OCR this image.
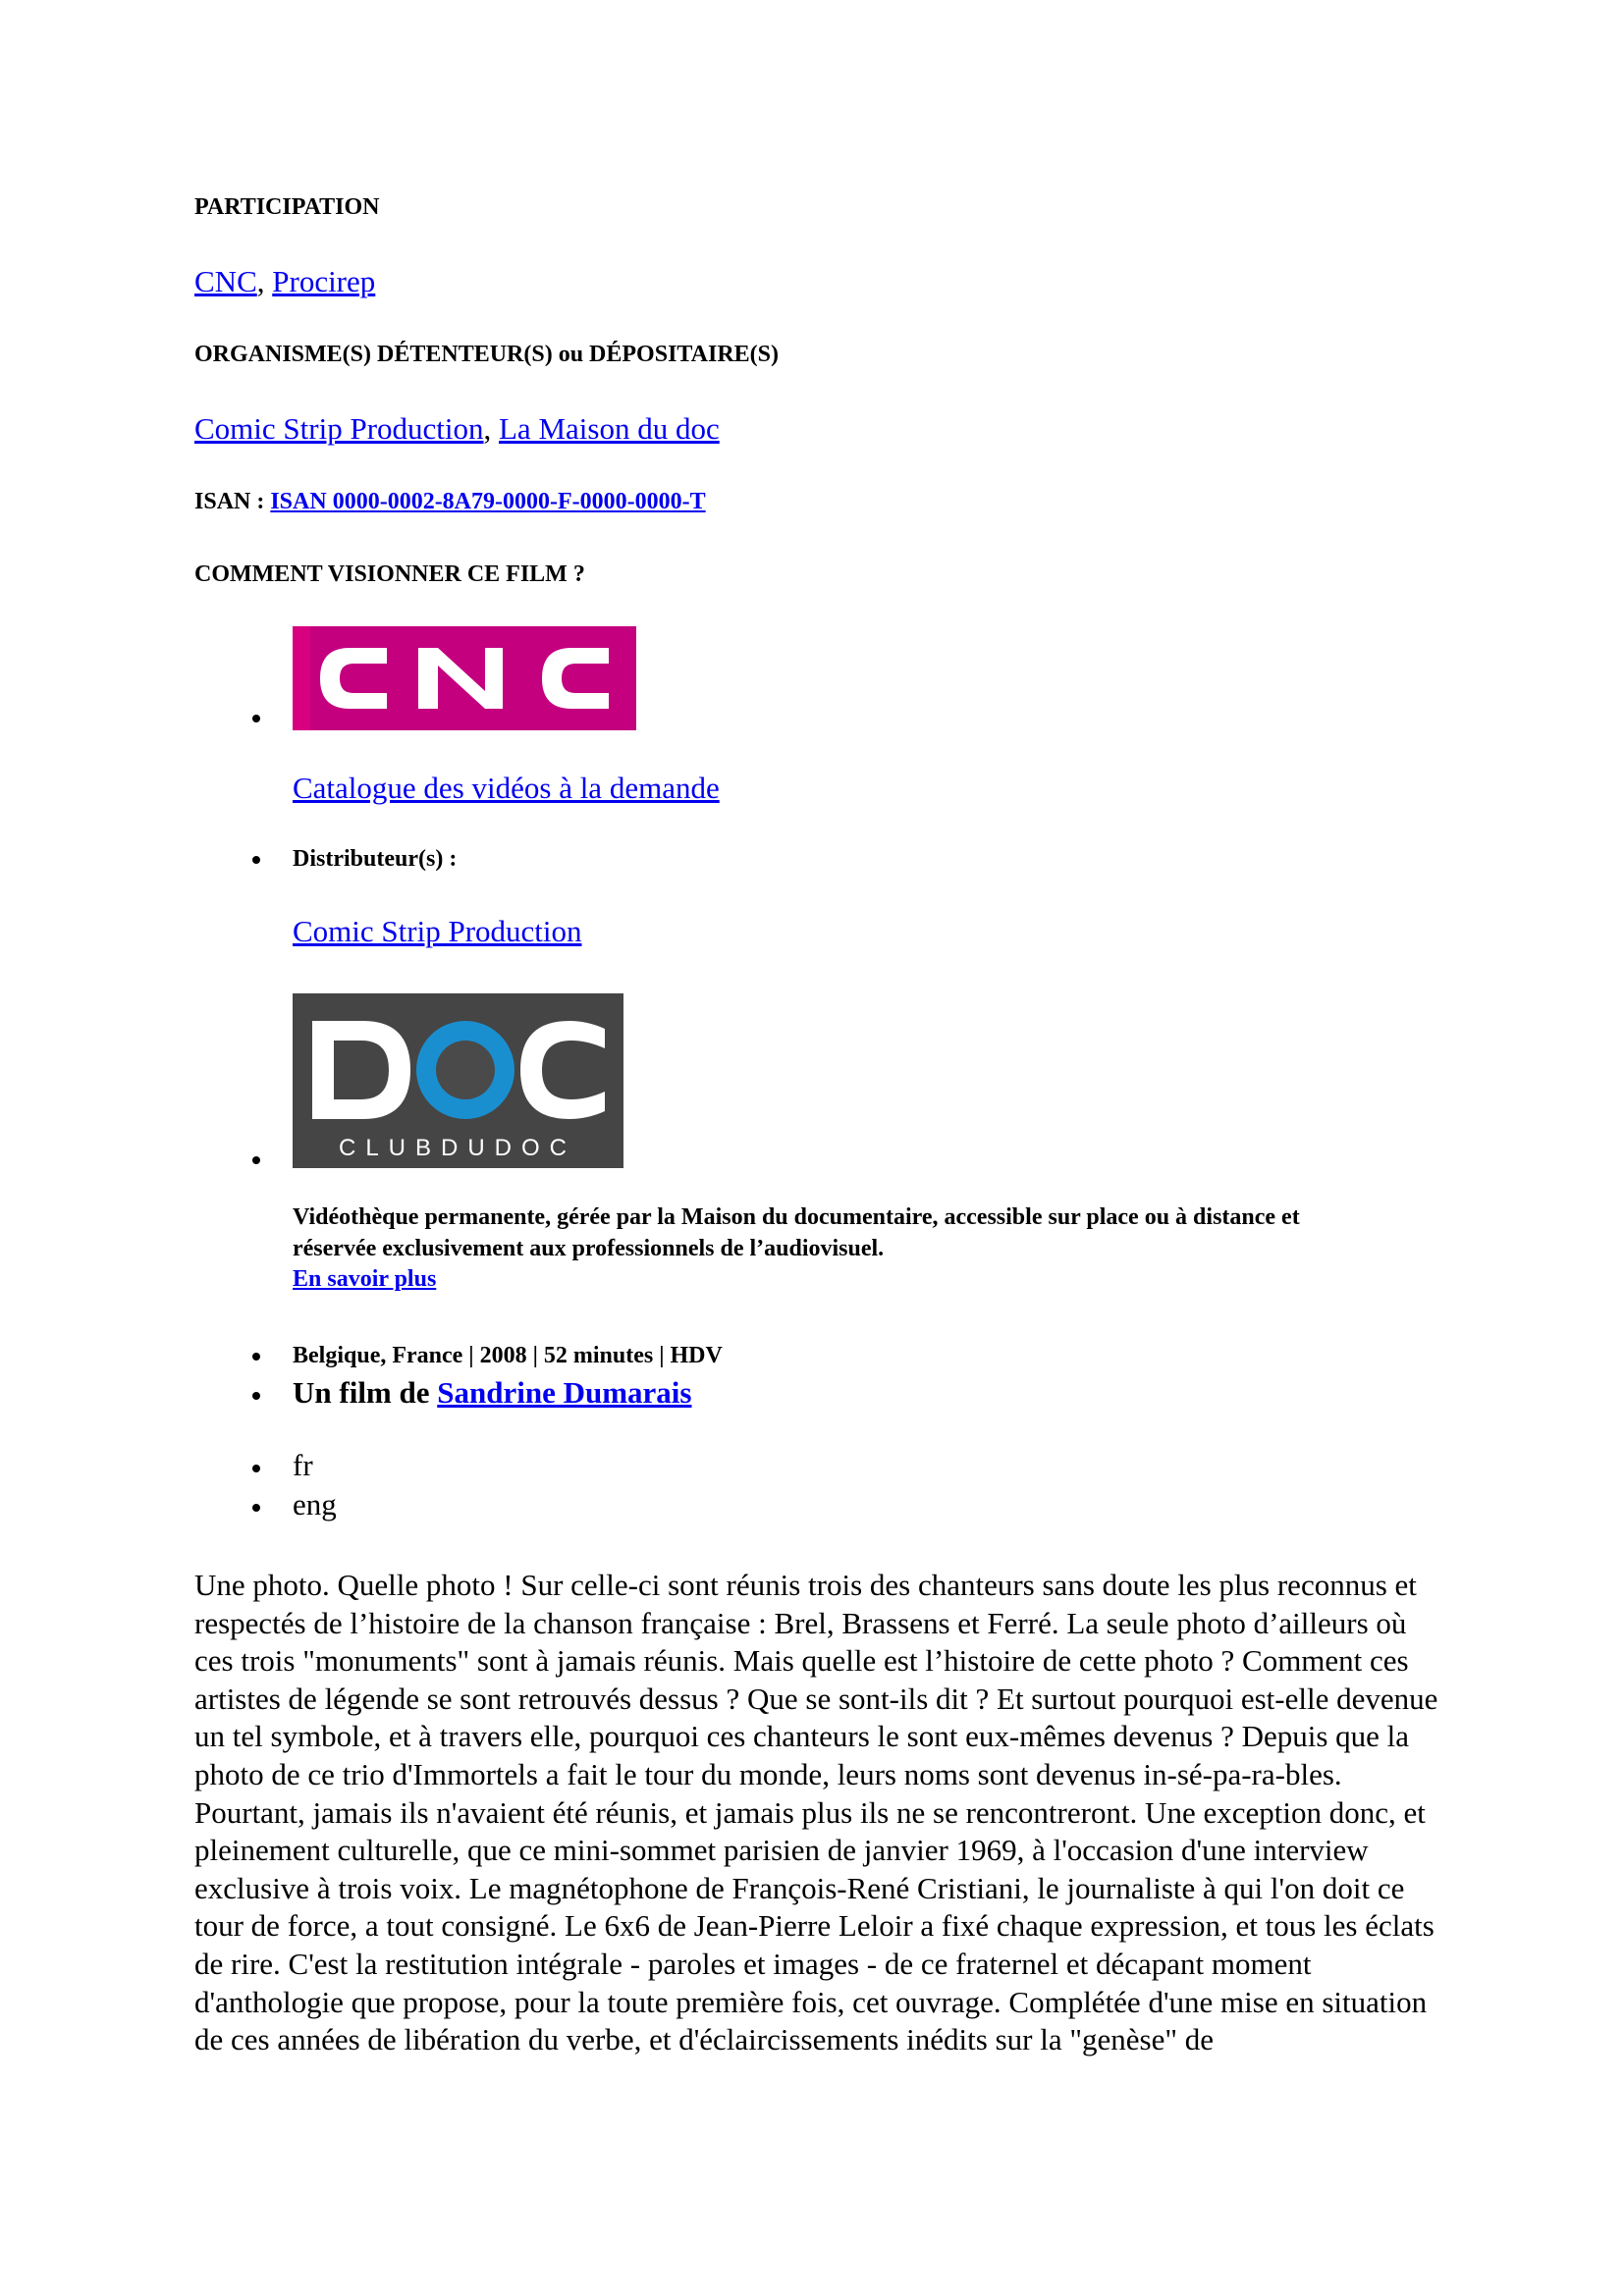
PARTICIPATION

CNC, Procirep

ORGANISME(S) DÉTENTEUR(S) ou DÉPOSITAIRE(S)

Comic Strip Production, La Maison du doc

ISAN : ISAN 0000-0002-8A79-0000-F-0000-0000-T

COMMENT VISIONNER CE FILM ?

Catalogue des vidéos à la demande
Distributeur(s) :
Comic Strip Production
CLUBDUDOC
Vidéothèque permanente, gérée par la Maison du documentaire, accessible sur place ou à distance et réservée exclusivement aux professionnels de l’audiovisuel.
En savoir plus
Belgique, France | 2008 | 52 minutes | HDV
Un film de Sandrine Dumarais
fr
eng

Une photo. Quelle photo ! Sur celle-ci sont réunis trois des chanteurs sans doute les plus reconnus et respectés de l’histoire de la chanson française : Brel, Brassens et Ferré. La seule photo d’ailleurs où ces trois "monuments" sont à jamais réunis. Mais quelle est l’histoire de cette photo ? Comment ces artistes de légende se sont retrouvés dessus ? Que se sont-ils dit ? Et surtout pourquoi est-elle devenue un tel symbole, et à travers elle, pourquoi ces chanteurs le sont eux-mêmes devenus ? Depuis que la photo de ce trio d'Immortels a fait le tour du monde, leurs noms sont devenus in-sé-pa-ra-bles. Pourtant, jamais ils n'avaient été réunis, et jamais plus ils ne se rencontreront. Une exception donc, et pleinement culturelle, que ce mini-sommet parisien de janvier 1969, à l'occasion d'une interview exclusive à trois voix. Le magnétophone de François-René Cristiani, le journaliste à qui l'on doit ce tour de force, a tout consigné. Le 6x6 de Jean-Pierre Leloir a fixé chaque expression, et tous les éclats de rire. C'est la restitution intégrale - paroles et images - de ce fraternel et décapant moment d'anthologie que propose, pour la toute première fois, cet ouvrage. Complétée d'une mise en situation de ces années de libération du verbe, et d'éclaircissements inédits sur la "genèse" de
